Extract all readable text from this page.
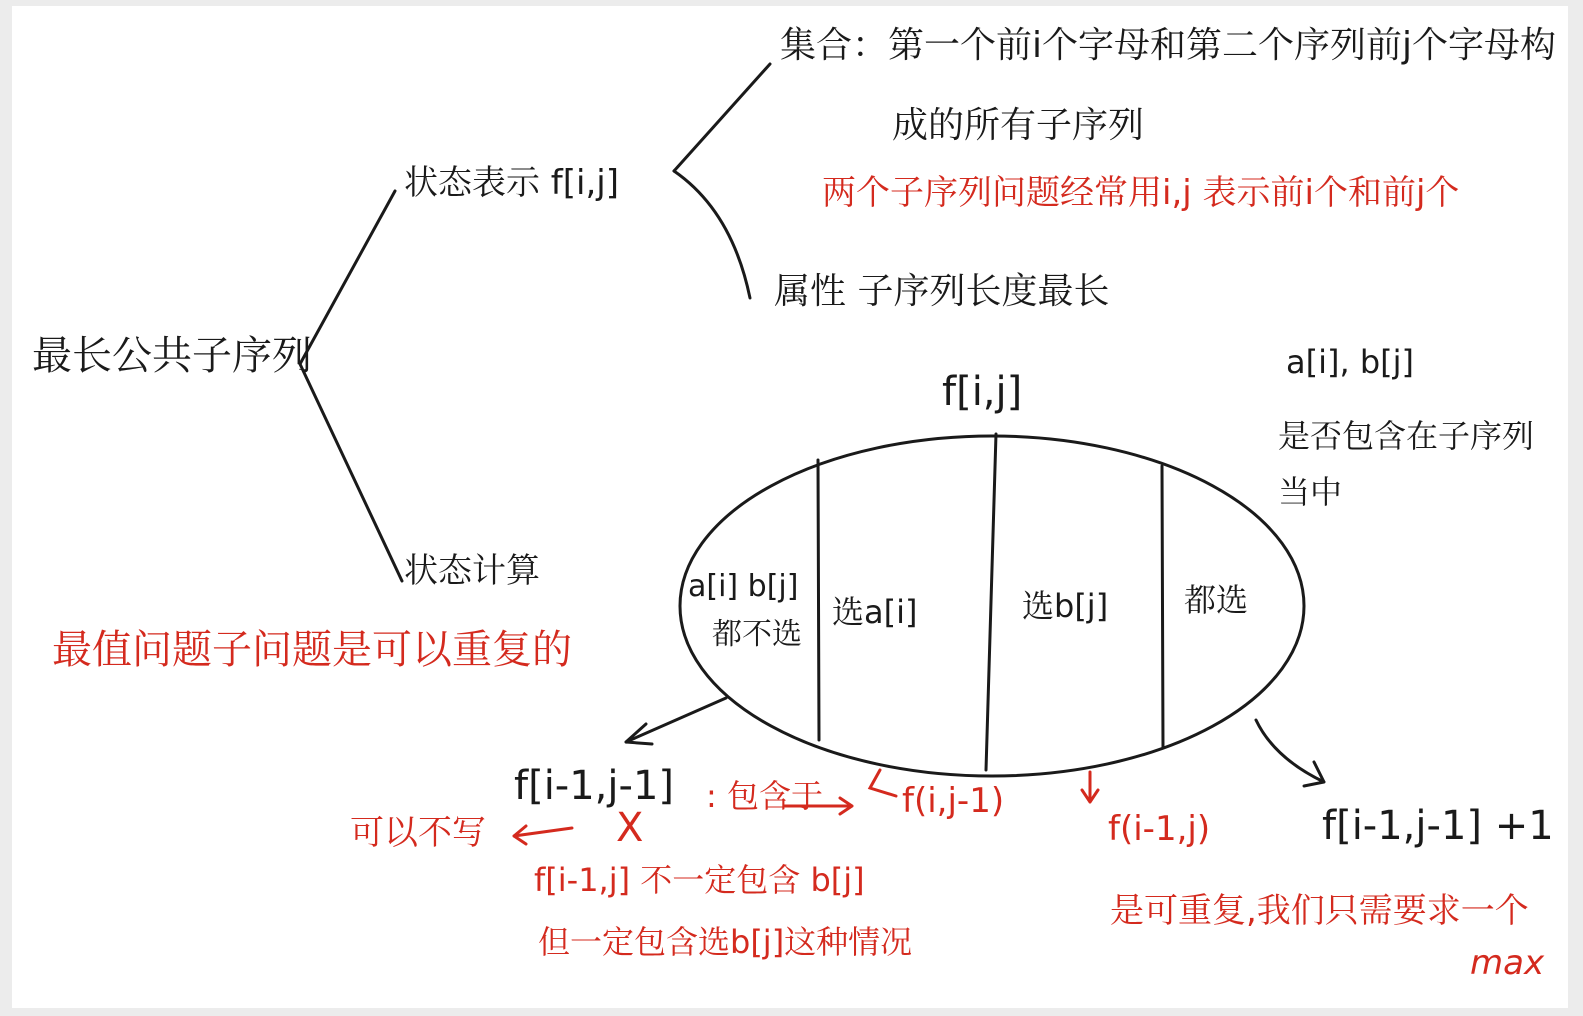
最长公共子序列
状态表示 f[i,j]
集合：第一个前i个字母和第二个序列前j个字母构
成的所有子序列
两个子序列问题经常用i,j 表示前i个和前j个
属性 子序列长度最长
状态计算
最值问题子问题是可以重复的
f[i,j]
a[i], b[j]
是否包含在子序列
当中
a[i] b[j]
都不选
选a[i]	选b[j] 都选
f[i-1,j-1]
X
可以不写
: 包含于 f(i,j-1)
f[i-1,j] 不一定包含 b[j]
但一定包含选b[j]这种情况
f(i-1,j)	f[i-1,j-1] +1
是可重复,我们只需要求一个
max
